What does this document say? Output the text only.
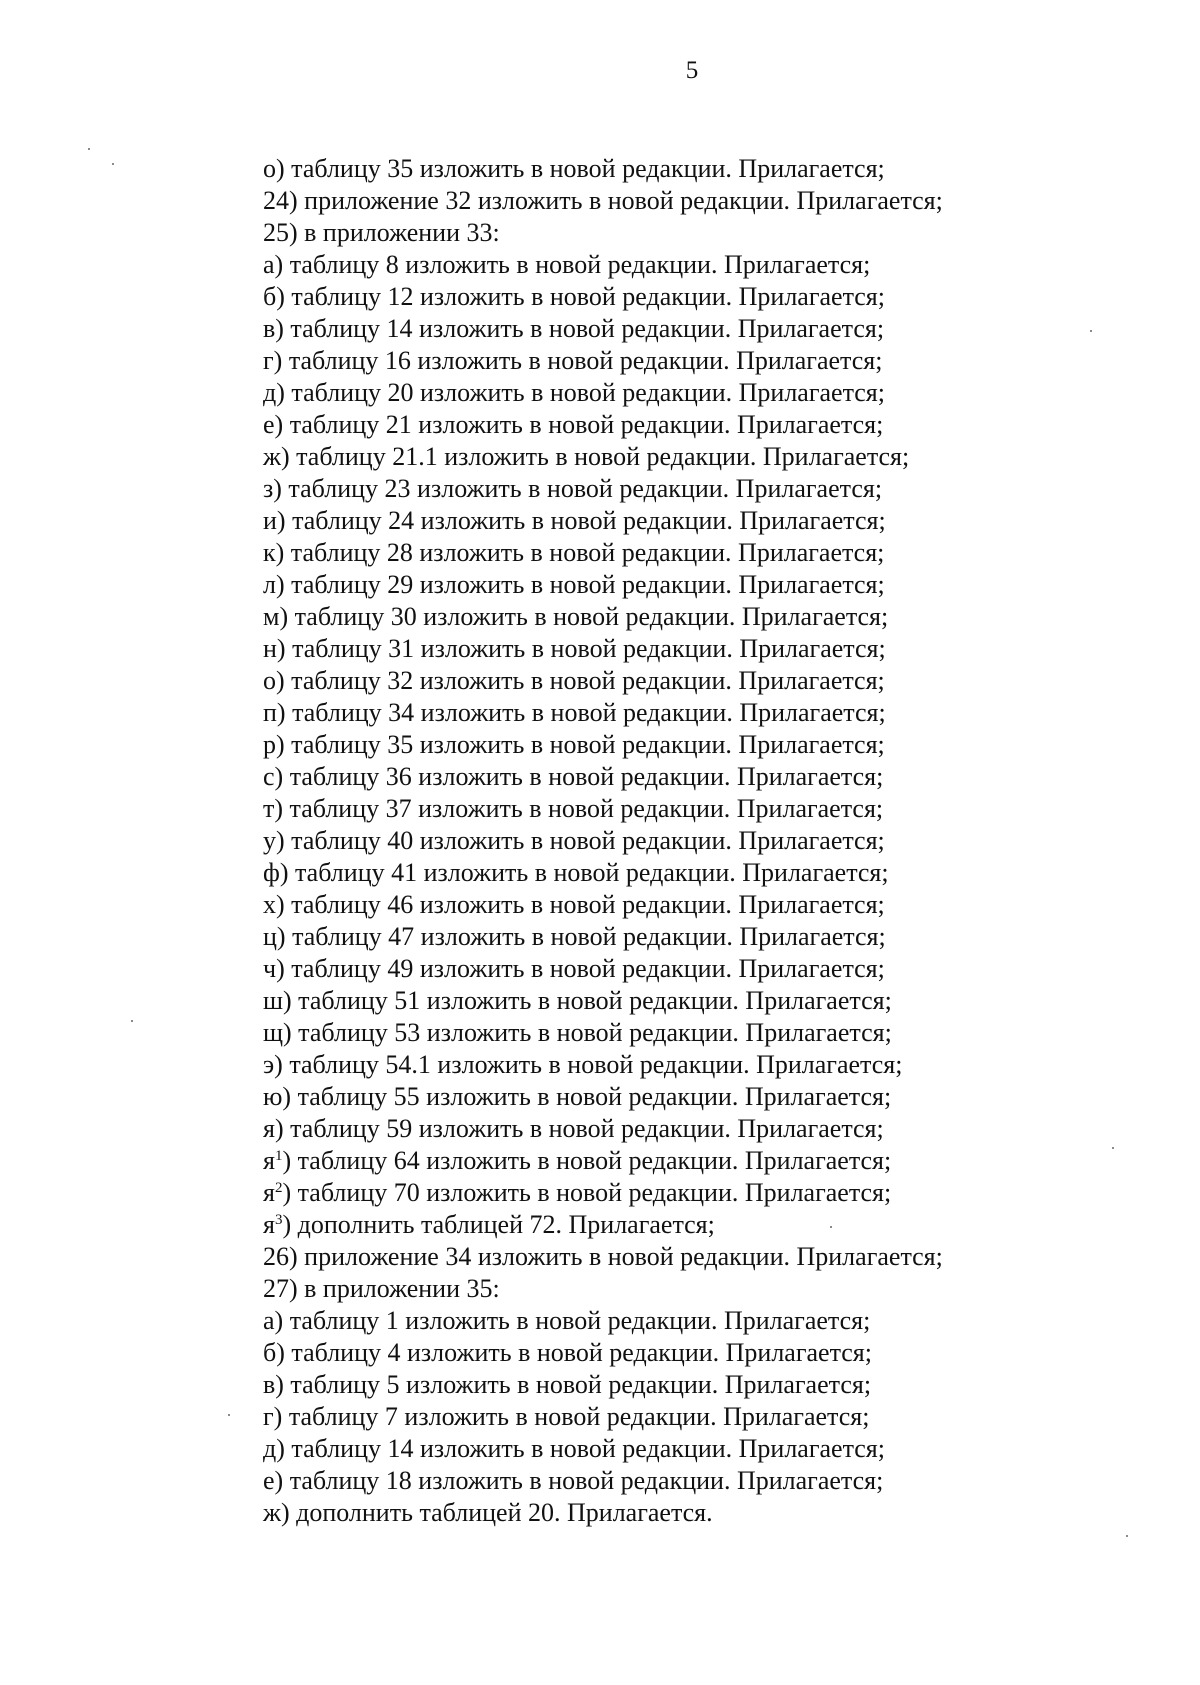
5
о) таблицу 35 изложить в новой редакции. Прилагается;
24) приложение 32 изложить в новой редакции. Прилагается;
25) в приложении 33:
а) таблицу 8 изложить в новой редакции. Прилагается;
б) таблицу 12 изложить в новой редакции. Прилагается;
в) таблицу 14 изложить в новой редакции. Прилагается;
г) таблицу 16 изложить в новой редакции. Прилагается;
д) таблицу 20 изложить в новой редакции. Прилагается;
е) таблицу 21 изложить в новой редакции. Прилагается;
ж) таблицу 21.1 изложить в новой редакции. Прилагается;
з) таблицу 23 изложить в новой редакции. Прилагается;
и) таблицу 24 изложить в новой редакции. Прилагается;
к) таблицу 28 изложить в новой редакции. Прилагается;
л) таблицу 29 изложить в новой редакции. Прилагается;
м) таблицу 30 изложить в новой редакции. Прилагается;
н) таблицу 31 изложить в новой редакции. Прилагается;
о) таблицу 32 изложить в новой редакции. Прилагается;
п) таблицу 34 изложить в новой редакции. Прилагается;
р) таблицу 35 изложить в новой редакции. Прилагается;
с) таблицу 36 изложить в новой редакции. Прилагается;
т) таблицу 37 изложить в новой редакции. Прилагается;
у) таблицу 40 изложить в новой редакции. Прилагается;
ф) таблицу 41 изложить в новой редакции. Прилагается;
х) таблицу 46 изложить в новой редакции. Прилагается;
ц) таблицу 47 изложить в новой редакции. Прилагается;
ч) таблицу 49 изложить в новой редакции. Прилагается;
ш) таблицу 51 изложить в новой редакции. Прилагается;
щ) таблицу 53 изложить в новой редакции. Прилагается;
э) таблицу 54.1 изложить в новой редакции. Прилагается;
ю) таблицу 55 изложить в новой редакции. Прилагается;
я) таблицу 59 изложить в новой редакции. Прилагается;
$я^1$) таблицу 64 изложить в новой редакции. Прилагается;
$я^2$) таблицу 70 изложить в новой редакции. Прилагается;
$я^3$) дополнить таблицей 72. Прилагается;
26) приложение 34 изложить в новой редакции. Прилагается;
27) в приложении 35:
а) таблицу 1 изложить в новой редакции. Прилагается;
б) таблицу 4 изложить в новой редакции. Прилагается;
в) таблицу 5 изложить в новой редакции. Прилагается;
г) таблицу 7 изложить в новой редакции. Прилагается;
д) таблицу 14 изложить в новой редакции. Прилагается;
е) таблицу 18 изложить в новой редакции. Прилагается;
ж) дополнить таблицей 20. Прилагается.
